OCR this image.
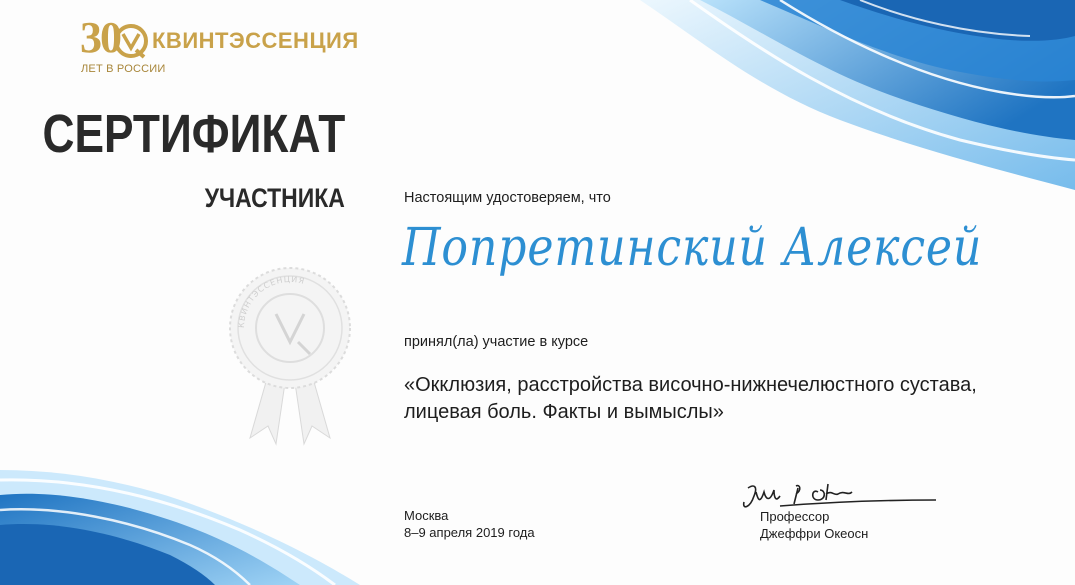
30 КВИНТЭССЕНЦИЯ
ЛЕТ В РОССИИ
СЕРТИФИКАТ
УЧАСТНИКА
КВИНТЭССЕНЦИЯ
Настоящим удостоверяем, что
Попретинский Алексей
принял(ла) участие в курсе
«Окклюзия, расстройства височно-нижнечелюстного сустава,
лицевая боль. Факты и вымыслы»
Москва
8–9 апреля 2019 года
Профессор
Джеффри Океосн
